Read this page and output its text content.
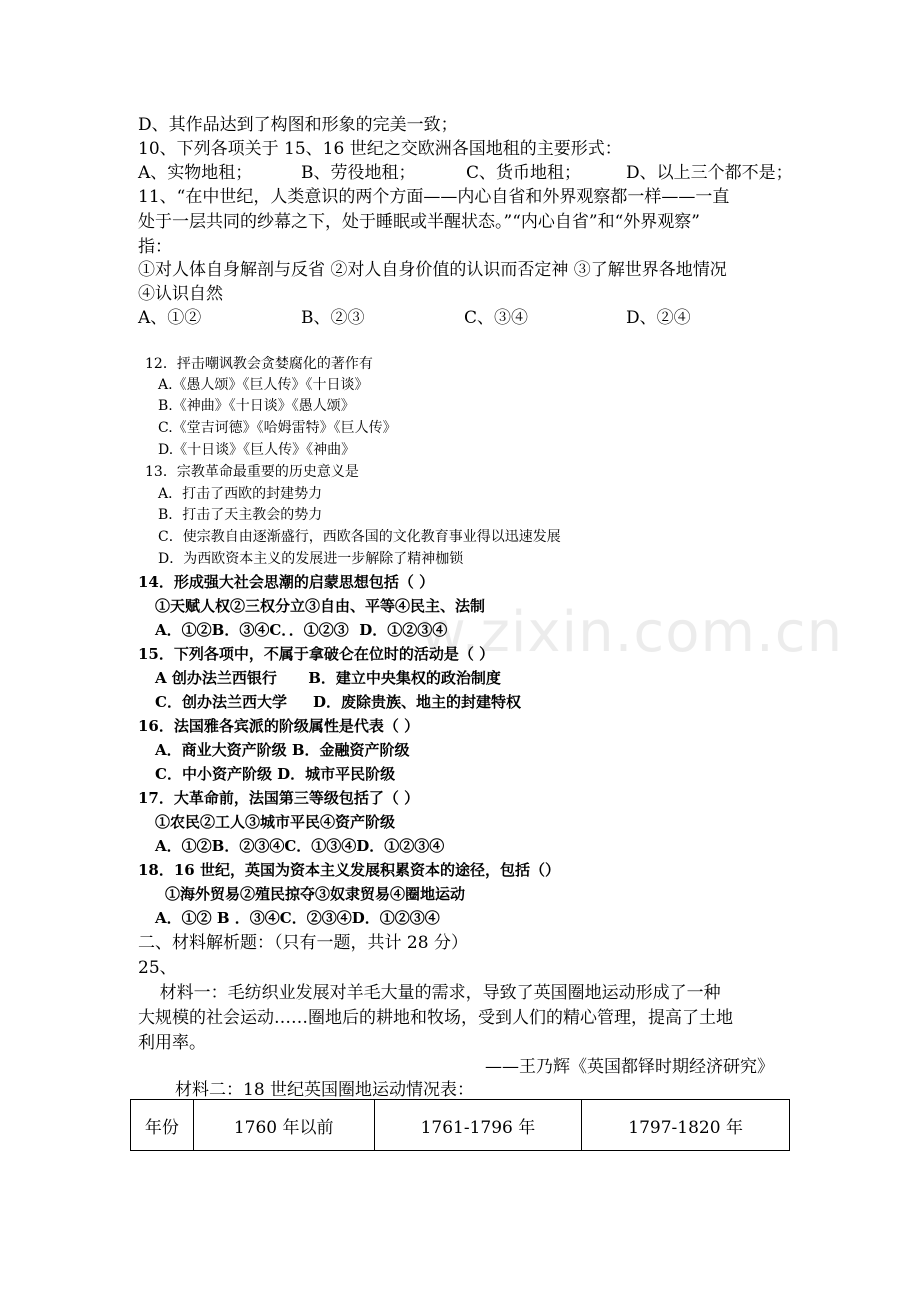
D、其作品达到了构图和形象的完美一致；
10、下列各项关于 15、16 世纪之交欧洲各国地租的主要形式：

A、实物地租；

	B、劳役地租；

	C、货币地租；

	D、以上三个都不是；

11、“在中世纪，人类意识的两个方面——内心自省和外界观察都一样——一直
处于一层共同的纱幕之下，处于睡眠或半醒状态。”“内心自省”和“外界观察”
指：
①对人体自身解剖与反省 ②对人自身价值的认识而否定神 ③了解世界各地情况
④认识自然

A、①②

	B、②③

	C、③④

	D、②④

12．抨击嘲讽教会贪婪腐化的著作有
A.《愚人颂》《巨人传》《十日谈》
B.《神曲》《十日谈》《愚人颂》
C.《堂吉诃德》《哈姆雷特》《巨人传》
D.《十日谈》《巨人传》《神曲》
13．宗教革命最重要的历史意义是
A．打击了西欧的封建势力
B．打击了天主教会的势力
C．使宗教自由逐渐盛行，西欧各国的文化教育事业得以迅速发展
D．为西欧资本主义的发展进一步解除了精神枷锁
14．形成强大社会思潮的启蒙思想包括（ ）
①天赋人权②三权分立③自由、平等④民主、法制
A．①②B．③④C．．①②③  D．①②③④
15．下列各项中，不属于拿破仑在位时的活动是（ ）
A 创办法兰西银行      B．建立中央集权的政治制度
C．创办法兰西大学     D．废除贵族、地主的封建特权
16．法国雅各宾派的阶级属性是代表（ ）
A．商业大资产阶级 B．金融资产阶级
C．中小资产阶级 D．城市平民阶级
17．大革命前，法国第三等级包括了（ ）
①农民②工人③城市平民④资产阶级
A．①②B．②③④C．①③④D．①②③④
18．16 世纪，英国为资本主义发展积累资本的途径，包括（）
①海外贸易②殖民掠夺③奴隶贸易④圈地运动
A．①② B ．③④C．②③④D．①②③④
二、材料解析题：（只有一题，共计 28 分）
25、
材料一：毛纺织业发展对羊毛大量的需求，导致了英国圈地运动形成了一种
大规模的社会运动……圈地后的耕地和牧场，受到人们的精心管理，提高了土地
利用率。
——王乃辉《英国都铎时期经济研究》
材料二：18 世纪英国圈地运动情况表：
年份	1760 年以前	1761-1796 年	1797-1820 年
w.zixin.com.cn
